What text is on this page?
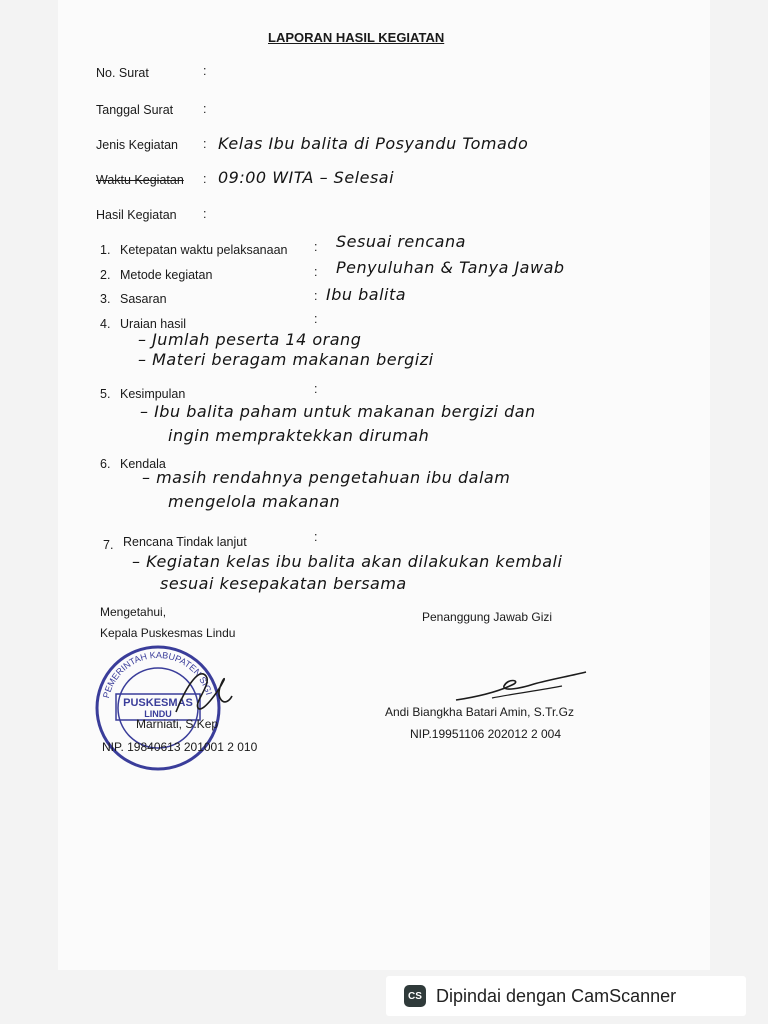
LAPORAN HASIL KEGIATAN
No. Surat	:
Tanggal Surat :
Jenis Kegiatan : Kelas Ibu balita di Posyandu Tomado
Waktu Kegiatan : 09:00 WITA – Selesai
Hasil Kegiatan :
1. Ketepatan waktu pelaksanaan : Sesuai rencana
2. Metode kegiatan	: Penyuluhan & Tanya Jawab
3. Sasaran	: Ibu balita
4. Uraian hasil	:
– Jumlah peserta 14 orang
– Materi beragam makanan bergizi
5. Kesimpulan	:
– Ibu balita paham untuk makanan bergizi dan
ingin mempraktekkan dirumah
6. Kendala
– masih rendahnya pengetahuan ibu dalam
mengelola makanan
7. Rencana Tindak lanjut	:
– Kegiatan kelas ibu balita akan dilakukan kembali
sesuai kesepakatan bersama
Mengetahui,
Kepala Puskesmas Lindu
PEMERINTAH KABUPATEN SIGI
PUSKESMAS
LINDU
Marniati, S.Kep
NIP. 19840613 201001 2 010
Penanggung Jawab Gizi
Andi Biangkha Batari Amin, S.Tr.Gz
NIP.19951106 202012 2 004
CS Dipindai dengan CamScanner
